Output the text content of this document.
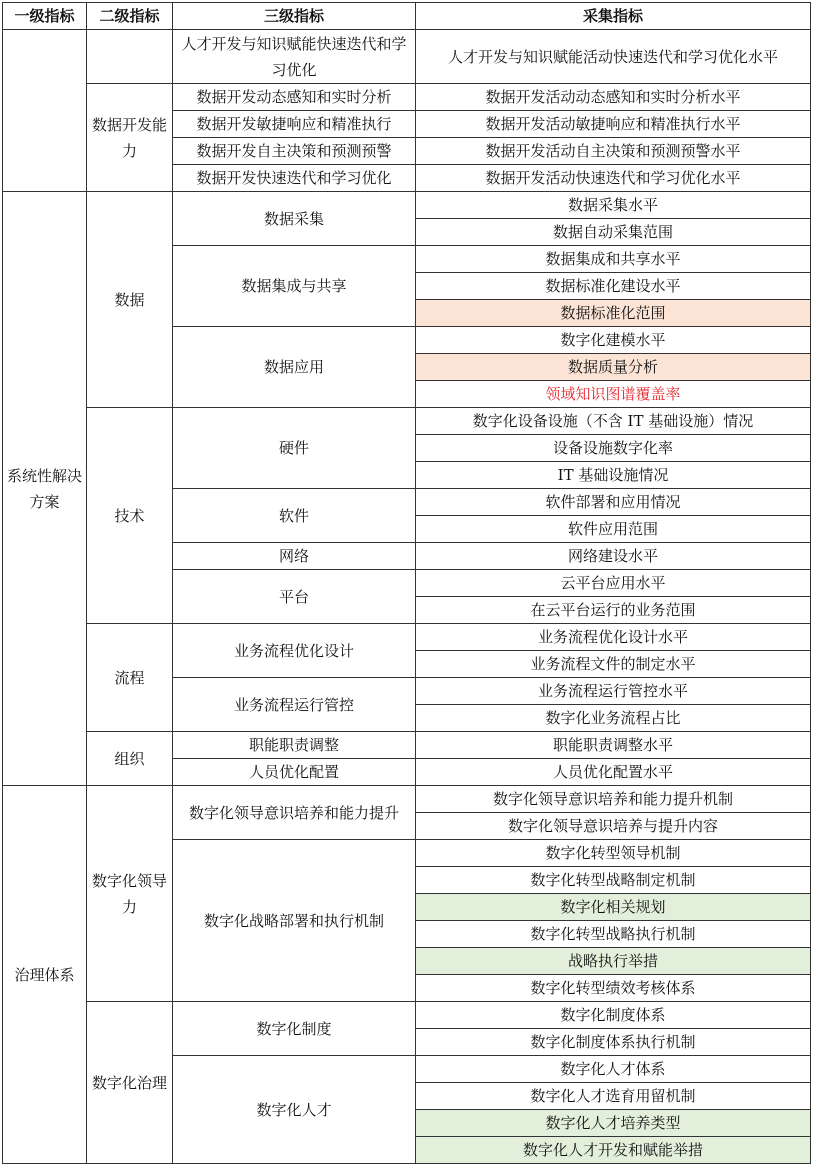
一级指标	二级指标	三级指标	采集指标
		人才开发与知识赋能快速迭代和学习优化	人才开发与知识赋能活动快速迭代和学习优化水平
	数据开发能力	数据开发动态感知和实时分析	数据开发活动动态感知和实时分析水平
		数据开发敏捷响应和精准执行	数据开发活动敏捷响应和精准执行水平
		数据开发自主决策和预测预警	数据开发活动自主决策和预测预警水平
		数据开发快速迭代和学习优化	数据开发活动快速迭代和学习优化水平
系统性解决方案	数据	数据采集	数据采集水平
			数据自动采集范围
		数据集成与共享	数据集成和共享水平
			数据标准化建设水平
			数据标准化范围
		数据应用	数字化建模水平
			数据质量分析
			领域知识图谱覆盖率
	技术	硬件	数字化设备设施（不含 IT 基础设施）情况
			设备设施数字化率
			IT 基础设施情况
		软件	软件部署和应用情况
			软件应用范围
		网络	网络建设水平
		平台	云平台应用水平
			在云平台运行的业务范围
	流程	业务流程优化设计	业务流程优化设计水平
			业务流程文件的制定水平
		业务流程运行管控	业务流程运行管控水平
			数字化业务流程占比
	组织	职能职责调整	职能职责调整水平
		人员优化配置	人员优化配置水平
治理体系	数字化领导力	数字化领导意识培养和能力提升	数字化领导意识培养和能力提升机制
			数字化领导意识培养与提升内容
		数字化战略部署和执行机制	数字化转型领导机制
			数字化转型战略制定机制
			数字化相关规划
			数字化转型战略执行机制
			战略执行举措
			数字化转型绩效考核体系
	数字化治理	数字化制度	数字化制度体系
			数字化制度体系执行机制
		数字化人才	数字化人才体系
			数字化人才选育用留机制
			数字化人才培养类型
			数字化人才开发和赋能举措
